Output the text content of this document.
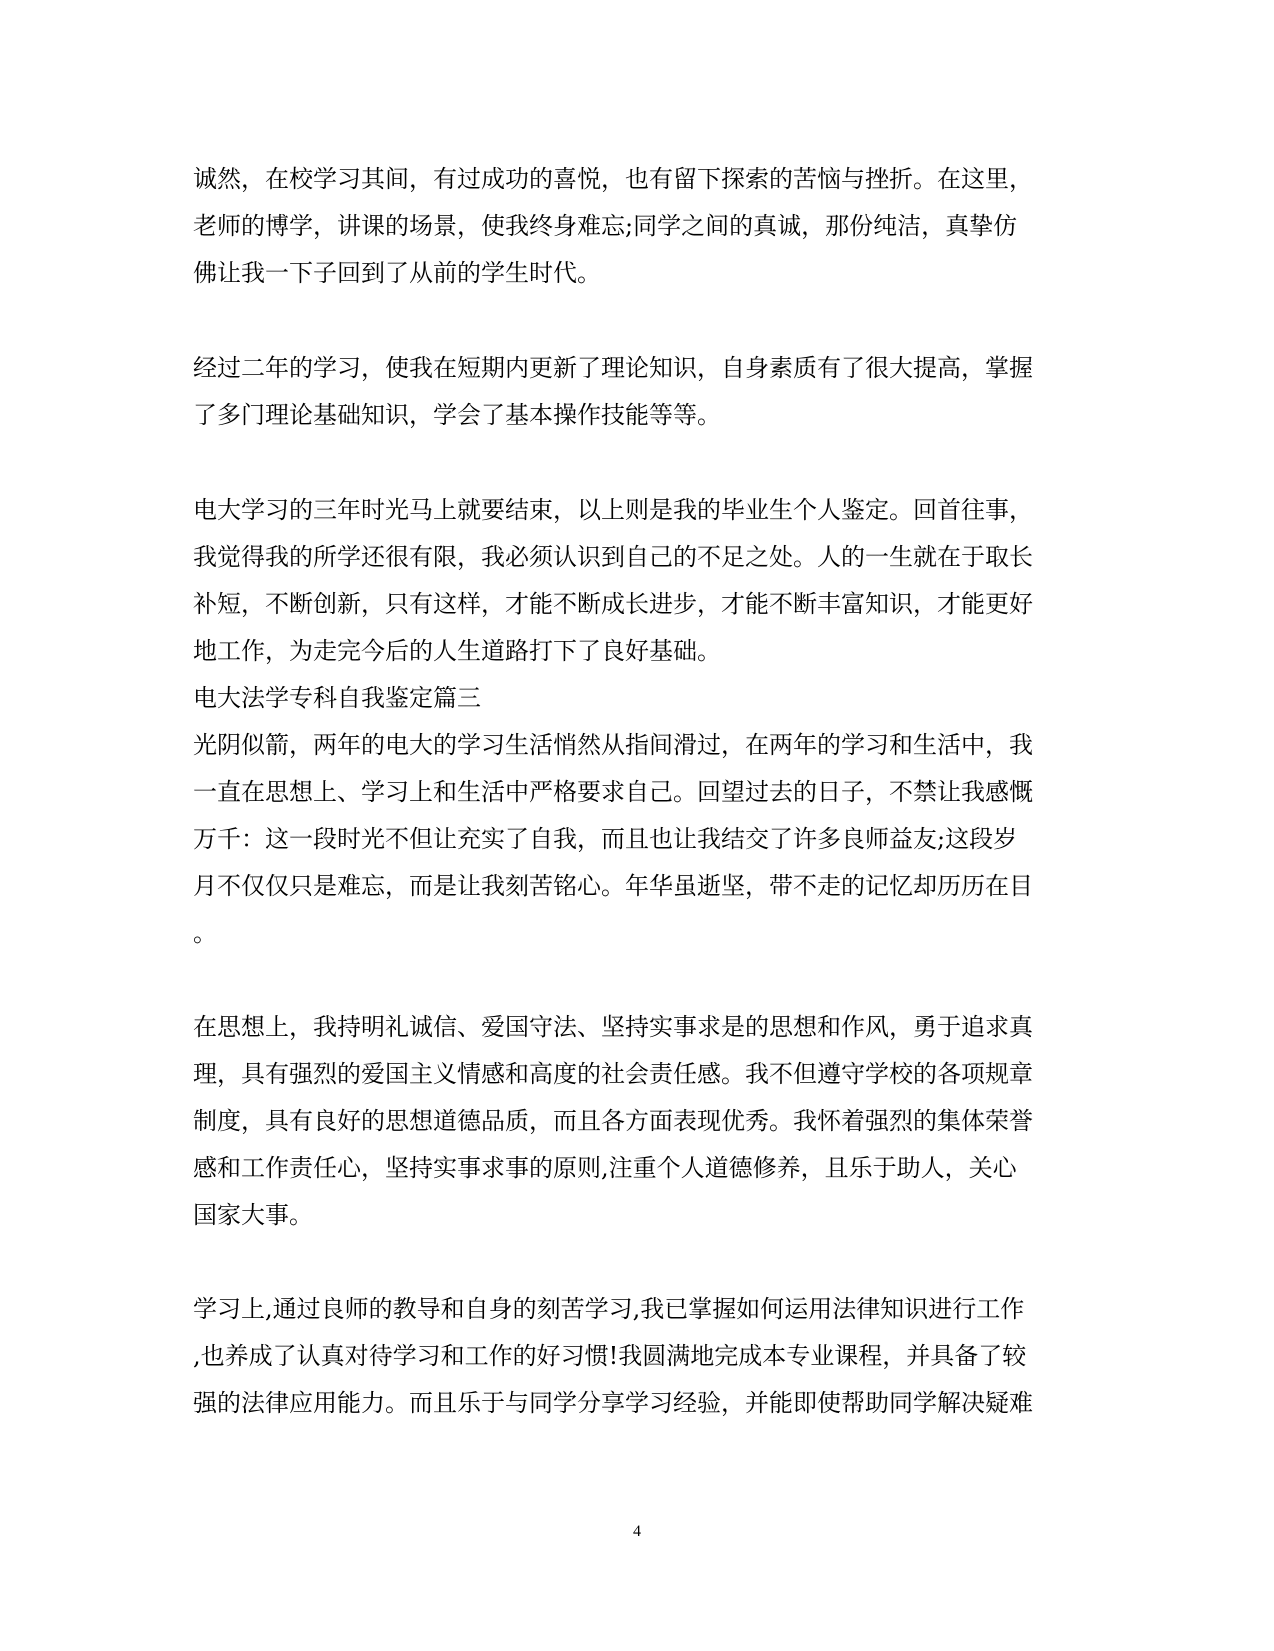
诚然，在校学习其间，有过成功的喜悦，也有留下探索的苦恼与挫折。在这里，
老师的博学，讲课的场景，使我终身难忘;同学之间的真诚，那份纯洁，真挚仿
佛让我一下子回到了从前的学生时代。
经过二年的学习，使我在短期内更新了理论知识，自身素质有了很大提高，掌握
了多门理论基础知识，学会了基本操作技能等等。
电大学习的三年时光马上就要结束，以上则是我的毕业生个人鉴定。回首往事，
我觉得我的所学还很有限，我必须认识到自己的不足之处。人的一生就在于取长
补短，不断创新，只有这样，才能不断成长进步，才能不断丰富知识，才能更好
地工作，为走完今后的人生道路打下了良好基础。
电大法学专科自我鉴定篇三
光阴似箭，两年的电大的学习生活悄然从指间滑过，在两年的学习和生活中，我
一直在思想上、学习上和生活中严格要求自己。回望过去的日子，不禁让我感慨
万千：这一段时光不但让充实了自我，而且也让我结交了许多良师益友;这段岁
月不仅仅只是难忘，而是让我刻苦铭心。年华虽逝坚，带不走的记忆却历历在目
。
在思想上，我持明礼诚信、爱国守法、坚持实事求是的思想和作风，勇于追求真
理，具有强烈的爱国主义情感和高度的社会责任感。我不但遵守学校的各项规章
制度，具有良好的思想道德品质，而且各方面表现优秀。我怀着强烈的集体荣誉
感和工作责任心，坚持实事求事的原则,注重个人道德修养，且乐于助人，关心
国家大事。
学习上,通过良师的教导和自身的刻苦学习,我已掌握如何运用法律知识进行工作
,也养成了认真对待学习和工作的好习惯!我圆满地完成本专业课程，并具备了较
强的法律应用能力。而且乐于与同学分享学习经验，并能即使帮助同学解决疑难
4
